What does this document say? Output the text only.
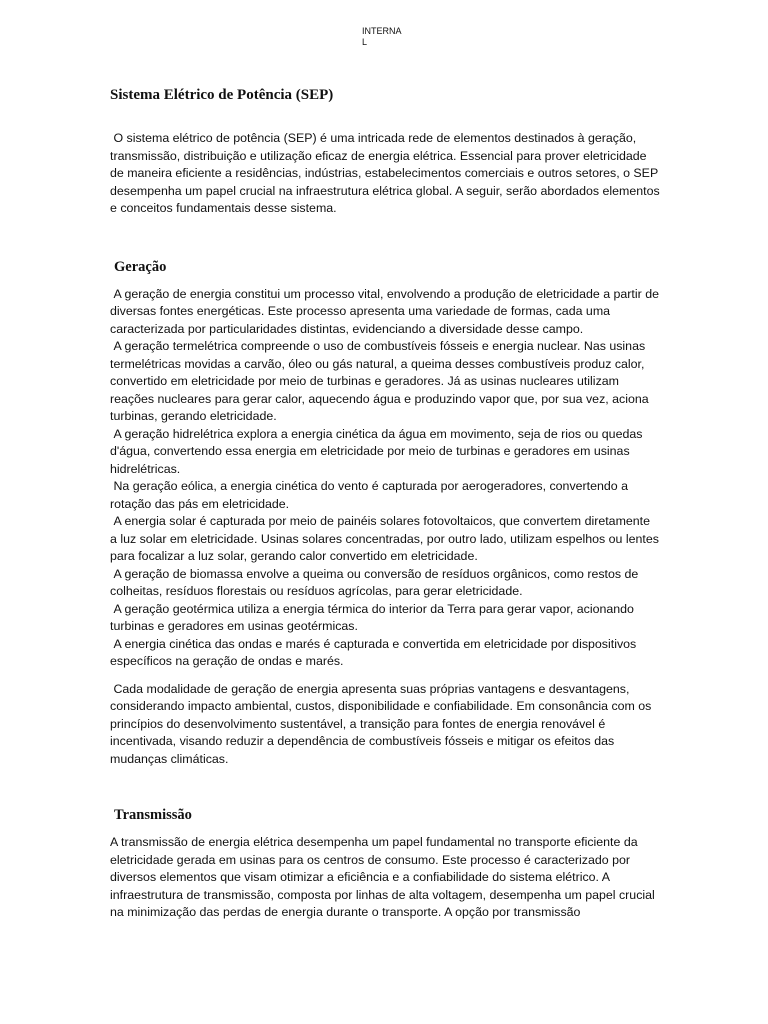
INTERNAL
Sistema Elétrico de Potência (SEP)

O sistema elétrico de potência (SEP) é uma intricada rede de elementos destinados à geração, transmissão, distribuição e utilização eficaz de energia elétrica. Essencial para prover eletricidade de maneira eficiente a residências, indústrias, estabelecimentos comerciais e outros setores, o SEP desempenha um papel crucial na infraestrutura elétrica global. A seguir, serão abordados elementos e conceitos fundamentais desse sistema.

Geração

A geração de energia constitui um processo vital, envolvendo a produção de eletricidade a partir de diversas fontes energéticas. Este processo apresenta uma variedade de formas, cada uma caracterizada por particularidades distintas, evidenciando a diversidade desse campo.

A geração termelétrica compreende o uso de combustíveis fósseis e energia nuclear. Nas usinas termelétricas movidas a carvão, óleo ou gás natural, a queima desses combustíveis produz calor, convertido em eletricidade por meio de turbinas e geradores. Já as usinas nucleares utilizam reações nucleares para gerar calor, aquecendo água e produzindo vapor que, por sua vez, aciona turbinas, gerando eletricidade.

A geração hidrelétrica explora a energia cinética da água em movimento, seja de rios ou quedas d'água, convertendo essa energia em eletricidade por meio de turbinas e geradores em usinas hidrelétricas.

Na geração eólica, a energia cinética do vento é capturada por aerogeradores, convertendo a rotação das pás em eletricidade.

A energia solar é capturada por meio de painéis solares fotovoltaicos, que convertem diretamente a luz solar em eletricidade. Usinas solares concentradas, por outro lado, utilizam espelhos ou lentes para focalizar a luz solar, gerando calor convertido em eletricidade.

A geração de biomassa envolve a queima ou conversão de resíduos orgânicos, como restos de colheitas, resíduos florestais ou resíduos agrícolas, para gerar eletricidade.

A geração geotérmica utiliza a energia térmica do interior da Terra para gerar vapor, acionando turbinas e geradores em usinas geotérmicas.

A energia cinética das ondas e marés é capturada e convertida em eletricidade por dispositivos específicos na geração de ondas e marés.

Cada modalidade de geração de energia apresenta suas próprias vantagens e desvantagens, considerando impacto ambiental, custos, disponibilidade e confiabilidade. Em consonância com os princípios do desenvolvimento sustentável, a transição para fontes de energia renovável é incentivada, visando reduzir a dependência de combustíveis fósseis e mitigar os efeitos das mudanças climáticas.

Transmissão

A transmissão de energia elétrica desempenha um papel fundamental no transporte eficiente da eletricidade gerada em usinas para os centros de consumo. Este processo é caracterizado por diversos elementos que visam otimizar a eficiência e a confiabilidade do sistema elétrico. A infraestrutura de transmissão, composta por linhas de alta voltagem, desempenha um papel crucial na minimização das perdas de energia durante o transporte. A opção por transmissão
